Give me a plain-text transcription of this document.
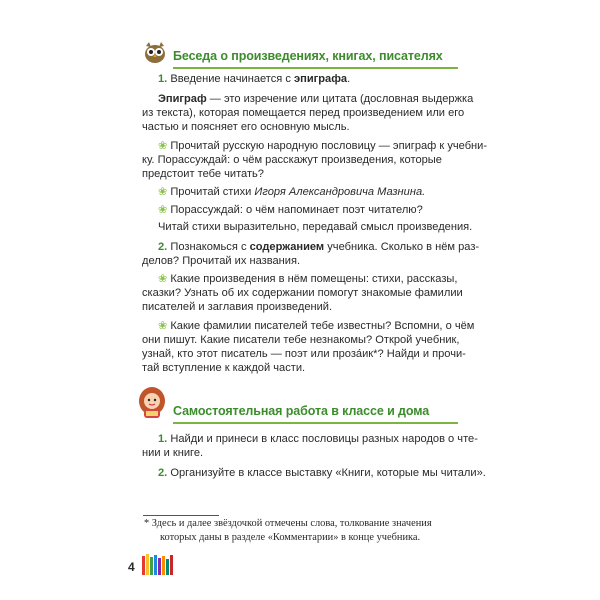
Беседа о произведениях, книгах, писателях
1. Введение начинается с эпиграфа.
Эпиграф — это изречение или цитата (дословная выдержка
из текста), которая помещается перед произведением или его
частью и поясняет его основную мысль.
❀ Прочитай русскую народную пословицу — эпиграф к учебни-
ку. Порассуждай: о чём расскажут произведения, которые
предстоит тебе читать?
❀ Прочитай стихи Игоря Александровича Мазнина.
❀ Порассуждай: о чём напоминает поэт читателю?
Читай стихи выразительно, передавай смысл произведения.
2. Познакомься с содержанием учебника. Сколько в нём раз-
делов? Прочитай их названия.
❀ Какие произведения в нём помещены: стихи, рассказы,
сказки? Узнать об их содержании помогут знакомые фамилии
писателей и заглавия произведений.
❀ Какие фамилии писателей тебе известны? Вспомни, о чём
они пишут. Какие писатели тебе незнакомы? Открой учебник,
узнай, кто этот писатель — поэт или проза́ик*? Найди и прочи-
тай вступление к каждой части.
Самостоятельная работа в классе и дома
1. Найди и принеси в класс пословицы разных народов о чте-
нии и книге.
2. Организуйте в классе выставку «Книги, которые мы читали».
* Здесь и далее звёздочкой отмечены слова, толкование значения
которых даны в разделе «Комментарии» в конце учебника.
4
